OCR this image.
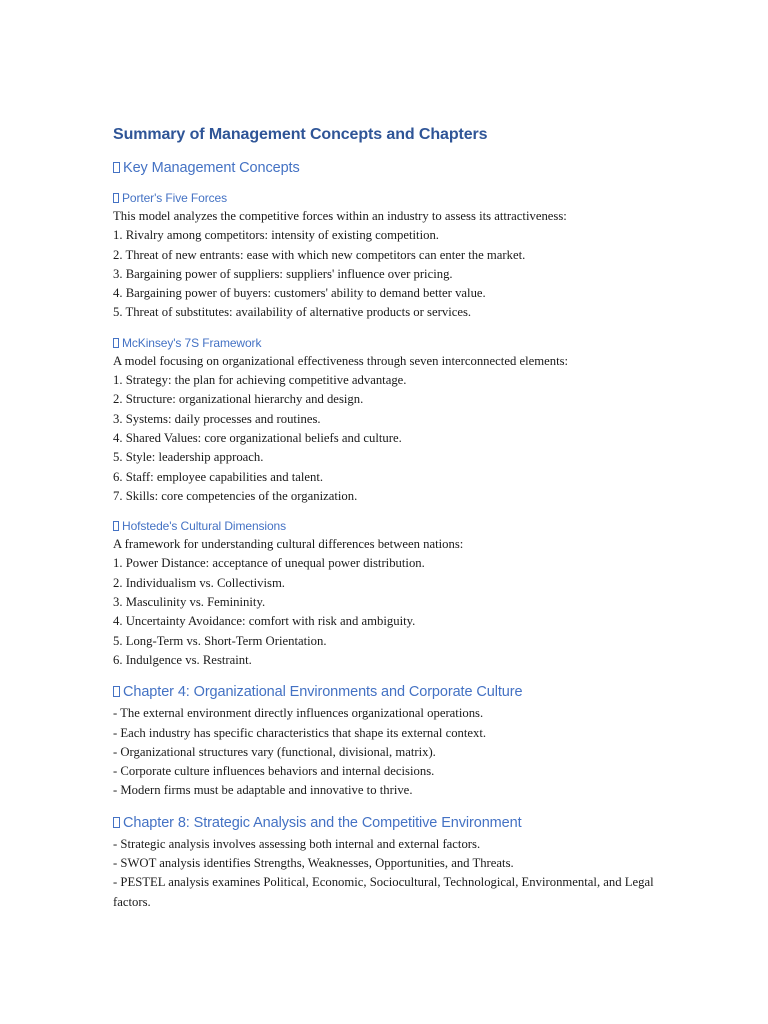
Summary of Management Concepts and Chapters
Key Management Concepts
Porter's Five Forces

This model analyzes the competitive forces within an industry to assess its attractiveness:

1. Rivalry among competitors: intensity of existing competition.

2. Threat of new entrants: ease with which new competitors can enter the market.

3. Bargaining power of suppliers: suppliers' influence over pricing.

4. Bargaining power of buyers: customers' ability to demand better value.

5. Threat of substitutes: availability of alternative products or services.

McKinsey's 7S Framework

A model focusing on organizational effectiveness through seven interconnected elements:

1. Strategy: the plan for achieving competitive advantage.

2. Structure: organizational hierarchy and design.

3. Systems: daily processes and routines.

4. Shared Values: core organizational beliefs and culture.

5. Style: leadership approach.

6. Staff: employee capabilities and talent.

7. Skills: core competencies of the organization.

Hofstede's Cultural Dimensions

A framework for understanding cultural differences between nations:

1. Power Distance: acceptance of unequal power distribution.

2. Individualism vs. Collectivism.

3. Masculinity vs. Femininity.

4. Uncertainty Avoidance: comfort with risk and ambiguity.

5. Long-Term vs. Short-Term Orientation.

6. Indulgence vs. Restraint.

Chapter 4: Organizational Environments and Corporate Culture

- The external environment directly influences organizational operations.

- Each industry has specific characteristics that shape its external context.

- Organizational structures vary (functional, divisional, matrix).

- Corporate culture influences behaviors and internal decisions.

- Modern firms must be adaptable and innovative to thrive.

Chapter 8: Strategic Analysis and the Competitive Environment

- Strategic analysis involves assessing both internal and external factors.

- SWOT analysis identifies Strengths, Weaknesses, Opportunities, and Threats.

- PESTEL analysis examines Political, Economic, Sociocultural, Technological, Environmental, and Legal factors.
